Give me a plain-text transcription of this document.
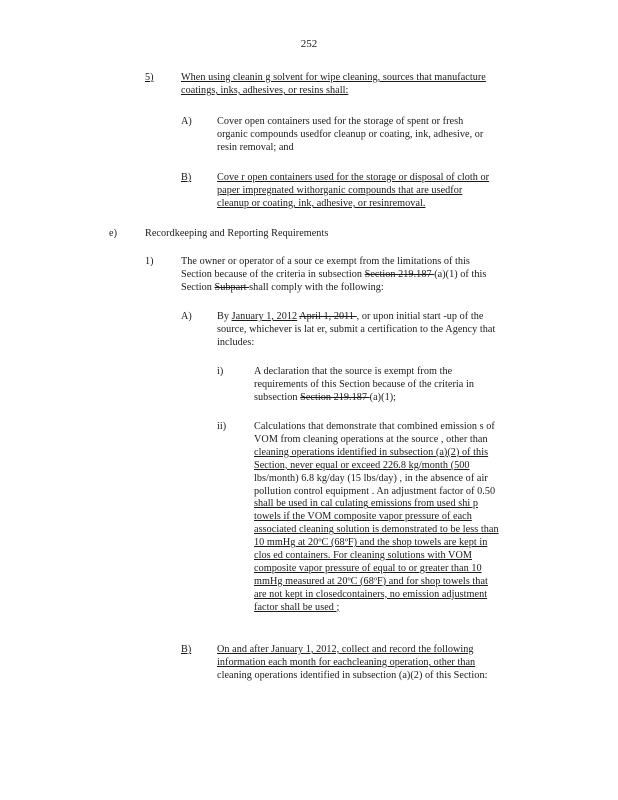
252
5)	When using cleanin g solvent for wipe cleaning, sources that manufacture
coatings, inks, adhesives, or resins shall:
A) Cover open containers used for the storage of spent or fresh
organic compounds usedfor cleanup or coating, ink, adhesive, or
resin removal; and
B)	Cove r open containers used for the storage or disposal of cloth or
paper impregnated withorganic compounds that are usedfor
cleanup or coating, ink, adhesive, or resinremoval.
e)	Recordkeeping and Reporting Requirements
1)	The owner or operator of a sour ce exempt from the limitations of this
Section because of the criteria in subsection Section 219.187 (a)(1) of this
Section Subpart shall comply with the following:
A) By January 1, 2012 April 1, 2011 , or upon initial start -up of the
source, whichever is lat er, submit a certification to the Agency that
includes:
i)	A declaration that the source is exempt from the
requirements of this Section because of the criteria in
subsection Section 219.187 (a)(1);
ii)	Calculations that demonstrate that combined emission s of
VOM from cleaning operations at the source , other than
cleaning operations identified in subsection (a)(2) of this
Section, never equal or exceed 226.8 kg/month (500
lbs/month) 6.8 kg/day (15 lbs/day) , in the absence of air
pollution control equipment . An adjustment factor of 0.50
shall be used in cal culating emissions from used shi p
towels if the VOM composite vapor pressure of each
associated cleaning solution is demonstrated to be less than
10 mmHg at 20ºC (68ºF) and the shop towels are kept in
clos ed containers. For cleaning solutions with VOM
composite vapor pressure of equal to or greater than 10
mmHg measured at 20ºC (68ºF) and for shop towels that
are not kept in closedcontainers, no emission adjustment
factor shall be used ;
B)	On and after January 1, 2012, collect and record the following
information each month for eachcleaning operation, other than
cleaning operations identified in subsection (a)(2) of this Section:
